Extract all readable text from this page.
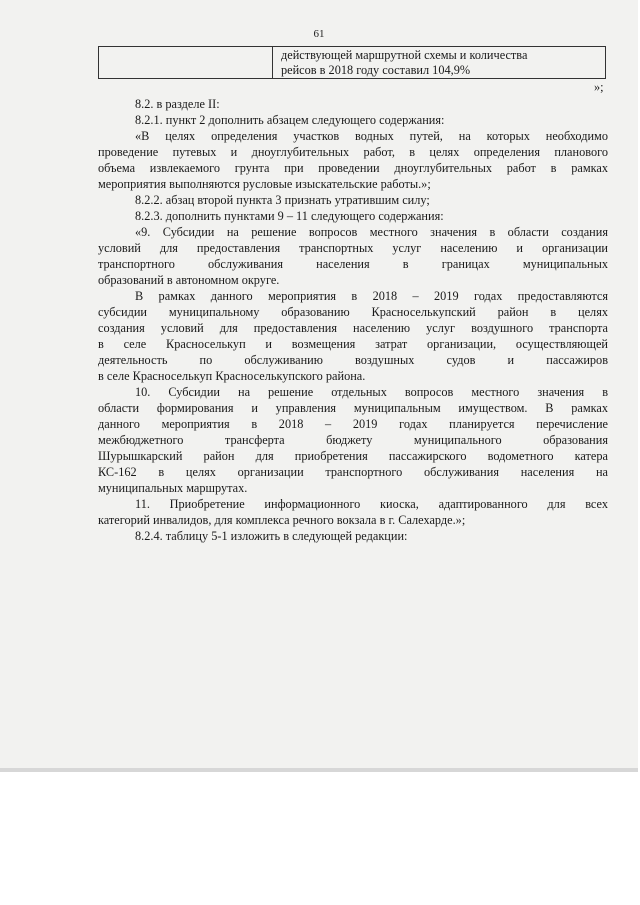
61
действующей маршрутной схемы и количества
рейсов в 2018 году составил 104,9%
»;
8.2. в разделе II:
8.2.1. пункт 2 дополнить абзацем следующего содержания:
«В целях определения участков водных путей, на которых необходимо
проведение путевых и дноуглубительных работ, в целях определения планового
объема извлекаемого грунта при проведении дноуглубительных работ в рамках
мероприятия выполняются русловые изыскательские работы.»;
8.2.2. абзац второй пункта 3 признать утратившим силу;
8.2.3. дополнить пунктами 9 – 11 следующего содержания:
«9. Субсидии на решение вопросов местного значения в области создания
условий для предоставления транспортных услуг населению и организации
транспортного обслуживания населения в границах муниципальных
образований в автономном округе.
В рамках данного мероприятия в 2018 – 2019 годах предоставляются
субсидии муниципальному образованию Красноселькупский район в целях
создания условий для предоставления населению услуг воздушного транспорта
в селе Красноселькуп и возмещения затрат организации, осуществляющей
деятельность по обслуживанию воздушных судов и пассажиров
в селе Красноселькуп Красноселькупского района.
10. Субсидии на решение отдельных вопросов местного значения в
области формирования и управления муниципальным имуществом. В рамках
данного мероприятия в 2018 – 2019 годах планируется перечисление
межбюджетного трансферта бюджету муниципального образования
Шурышкарский район для приобретения пассажирского водометного катера
КС-162 в целях организации транспортного обслуживания населения на
муниципальных маршрутах.
11. Приобретение информационного киоска, адаптированного для всех
категорий инвалидов, для комплекса речного вокзала в г. Салехарде.»;
8.2.4. таблицу 5-1 изложить в следующей редакции:
